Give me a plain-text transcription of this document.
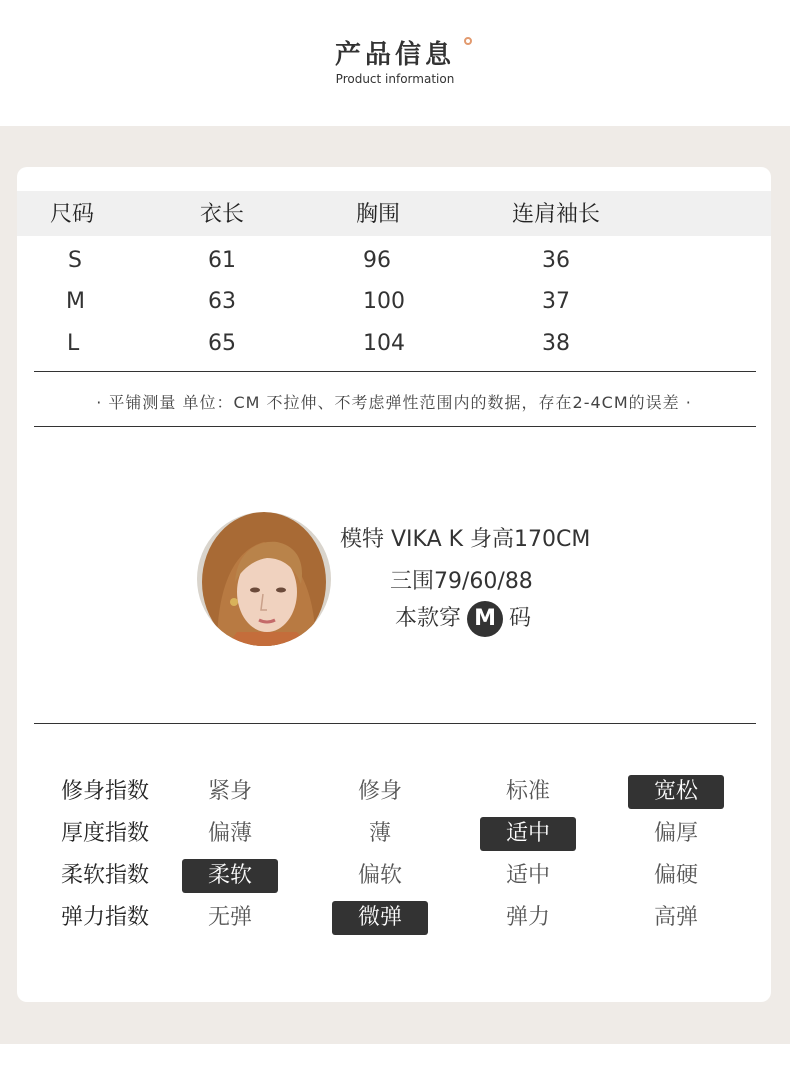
产品信息
Product information
尺码	衣长	胸围	连肩袖长
S	61	96	36
M	63	100	37
L	65	104	38
· 平铺测量 单位：CM 不拉伸、不考虑弹性范围内的数据，存在2-4CM的误差 ·
模特 VIKA K 身高170CM
三围79/60/88
本款穿 M 码
修身指数	紧身	修身	标准	宽松
厚度指数	偏薄	薄	适中	偏厚
柔软指数	柔软	偏软	适中	偏硬
弹力指数	无弹	微弹	弹力	高弹
